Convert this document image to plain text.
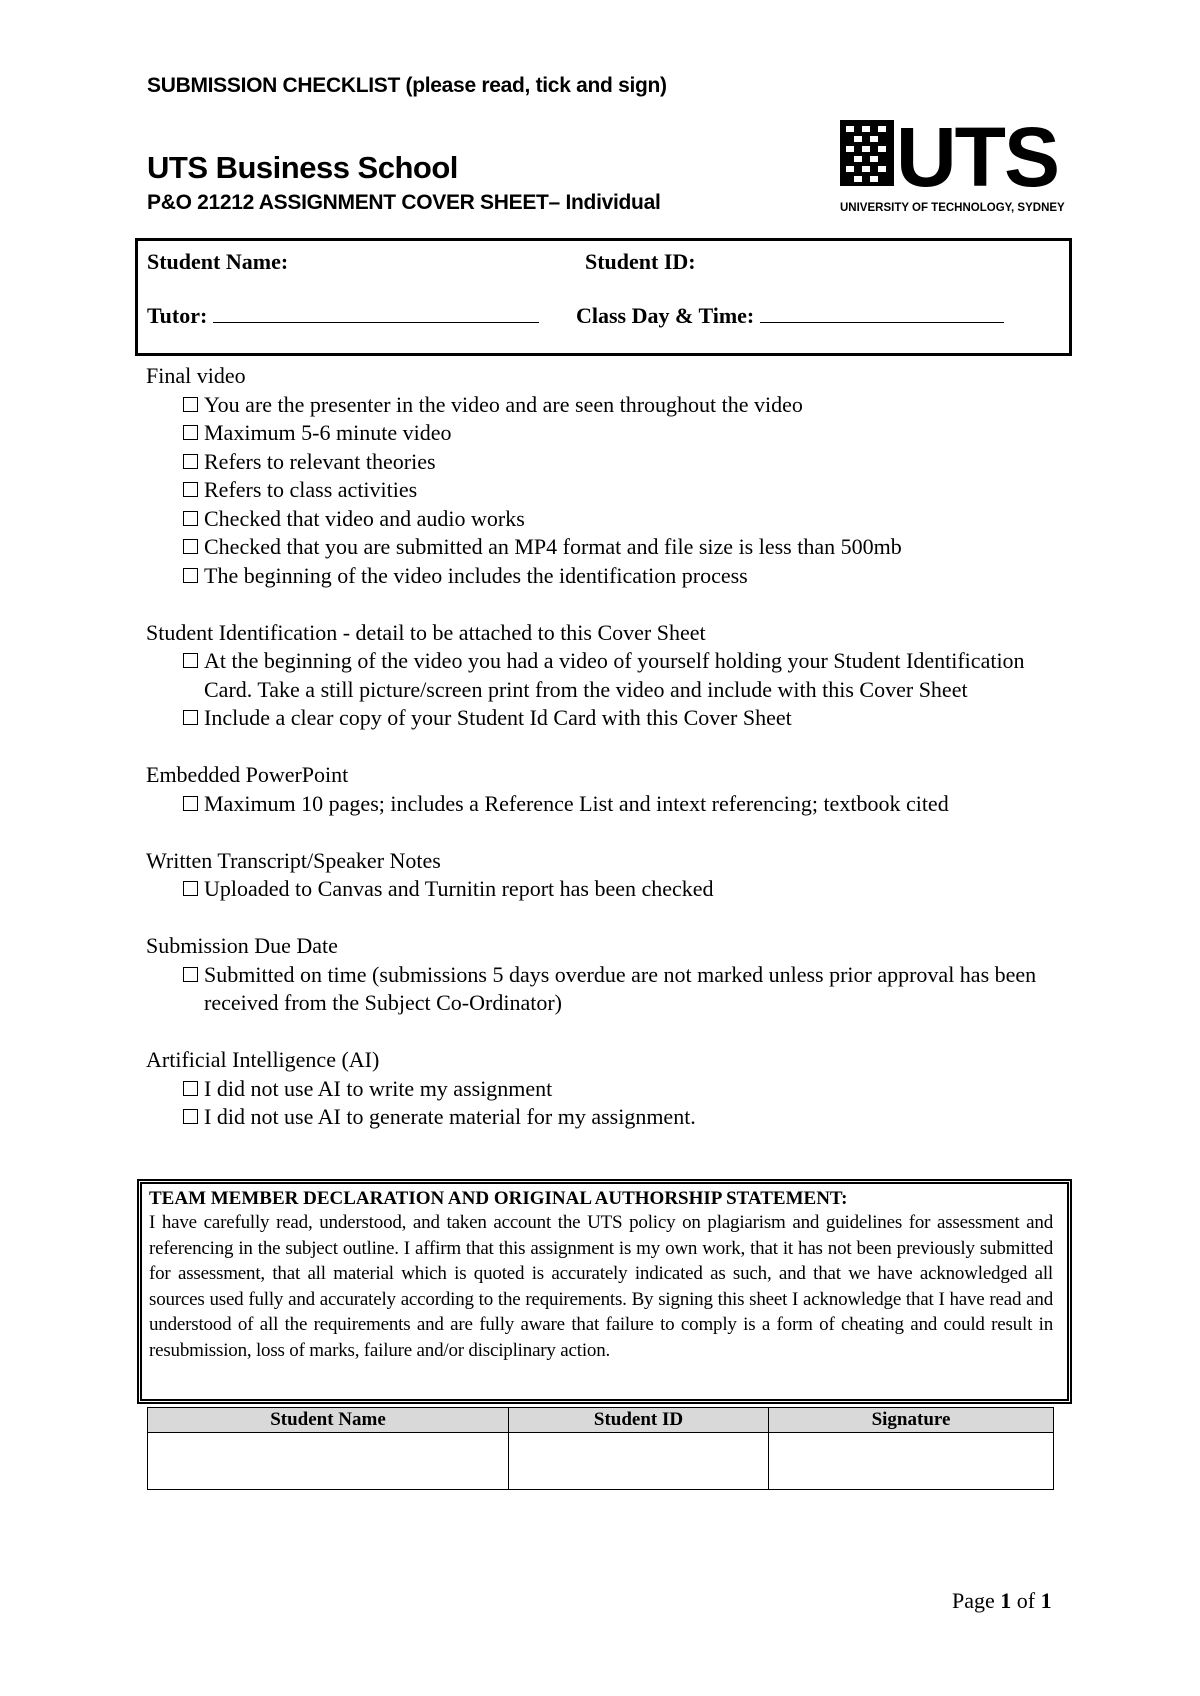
SUBMISSION CHECKLIST (please read, tick and sign)
UTS Business School
P&O 21212 ASSIGNMENT COVER SHEET– Individual	UTS
UNIVERSITY OF TECHNOLOGY, SYDNEY
Student Name:	Student ID:
Tutor:	Class Day & Time:

Final video

You are the presenter in the video and are seen throughout the video
Maximum 5-6 minute video
Refers to relevant theories
Refers to class activities
Checked that video and audio works
Checked that you are submitted an MP4 format and file size is less than 500mb
The beginning of the video includes the identification process

Student Identification - detail to be attached to this Cover Sheet

At the beginning of the video you had a video of yourself holding your Student Identification Card. Take a still picture/screen print from the video and include with this Cover Sheet
Include a clear copy of your Student Id Card with this Cover Sheet

Embedded PowerPoint

Maximum 10 pages; includes a Reference List and intext referencing; textbook cited

Written Transcript/Speaker Notes

Uploaded to Canvas and Turnitin report has been checked

Submission Due Date

Submitted on time (submissions 5 days overdue are not marked unless prior approval has been received from the Subject Co-Ordinator)

Artificial Intelligence (AI)

I did not use AI to write my assignment
I did not use AI to generate material for my assignment.
TEAM MEMBER DECLARATION AND ORIGINAL AUTHORSHIP STATEMENT:
I have carefully read, understood, and taken account the UTS policy on plagiarism and guidelines for assessment and referencing in the subject outline. I affirm that this assignment is my own work, that it has not been previously submitted for assessment, that all material which is quoted is accurately indicated as such, and that we have acknowledged all sources used fully and accurately according to the requirements. By signing this sheet I acknowledge that I have read and understood of all the requirements and are fully aware that failure to comply is a form of cheating and could result in resubmission, loss of marks, failure and/or disciplinary action.
Student Name	Student ID	Signature

Page 1 of 1
